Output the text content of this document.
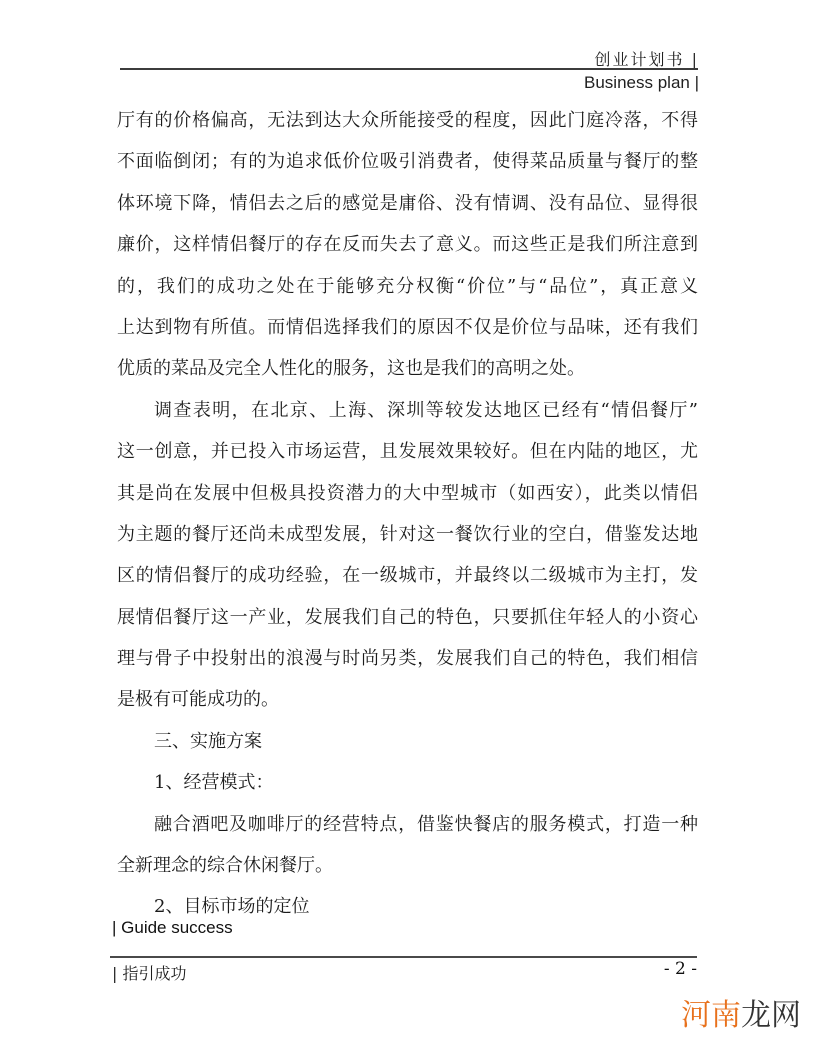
创业计划书 |
Business plan |
厅有的价格偏高，无法到达大众所能接受的程度，因此门庭冷落，不得
不面临倒闭；有的为追求低价位吸引消费者，使得菜品质量与餐厅的整
体环境下降，情侣去之后的感觉是庸俗、没有情调、没有品位、显得很
廉价，这样情侣餐厅的存在反而失去了意义。而这些正是我们所注意到
的，我们的成功之处在于能够充分权衡“价位”与“品位”，真正意义
上达到物有所值。而情侣选择我们的原因不仅是价位与品味，还有我们
优质的菜品及完全人性化的服务，这也是我们的高明之处。
调查表明，在北京、上海、深圳等较发达地区已经有“情侣餐厅”
这一创意，并已投入市场运营，且发展效果较好。但在内陆的地区，尤
其是尚在发展中但极具投资潜力的大中型城市（如西安），此类以情侣
为主题的餐厅还尚未成型发展，针对这一餐饮行业的空白，借鉴发达地
区的情侣餐厅的成功经验，在一级城市，并最终以二级城市为主打，发
展情侣餐厅这一产业，发展我们自己的特色，只要抓住年轻人的小资心
理与骨子中投射出的浪漫与时尚另类，发展我们自己的特色，我们相信
是极有可能成功的。
三、实施方案
1、经营模式：
融合酒吧及咖啡厅的经营特点，借鉴快餐店的服务模式，打造一种
全新理念的综合休闲餐厅。
2、目标市场的定位
| Guide success
| 指引成功	- 2 -
河南龙网
